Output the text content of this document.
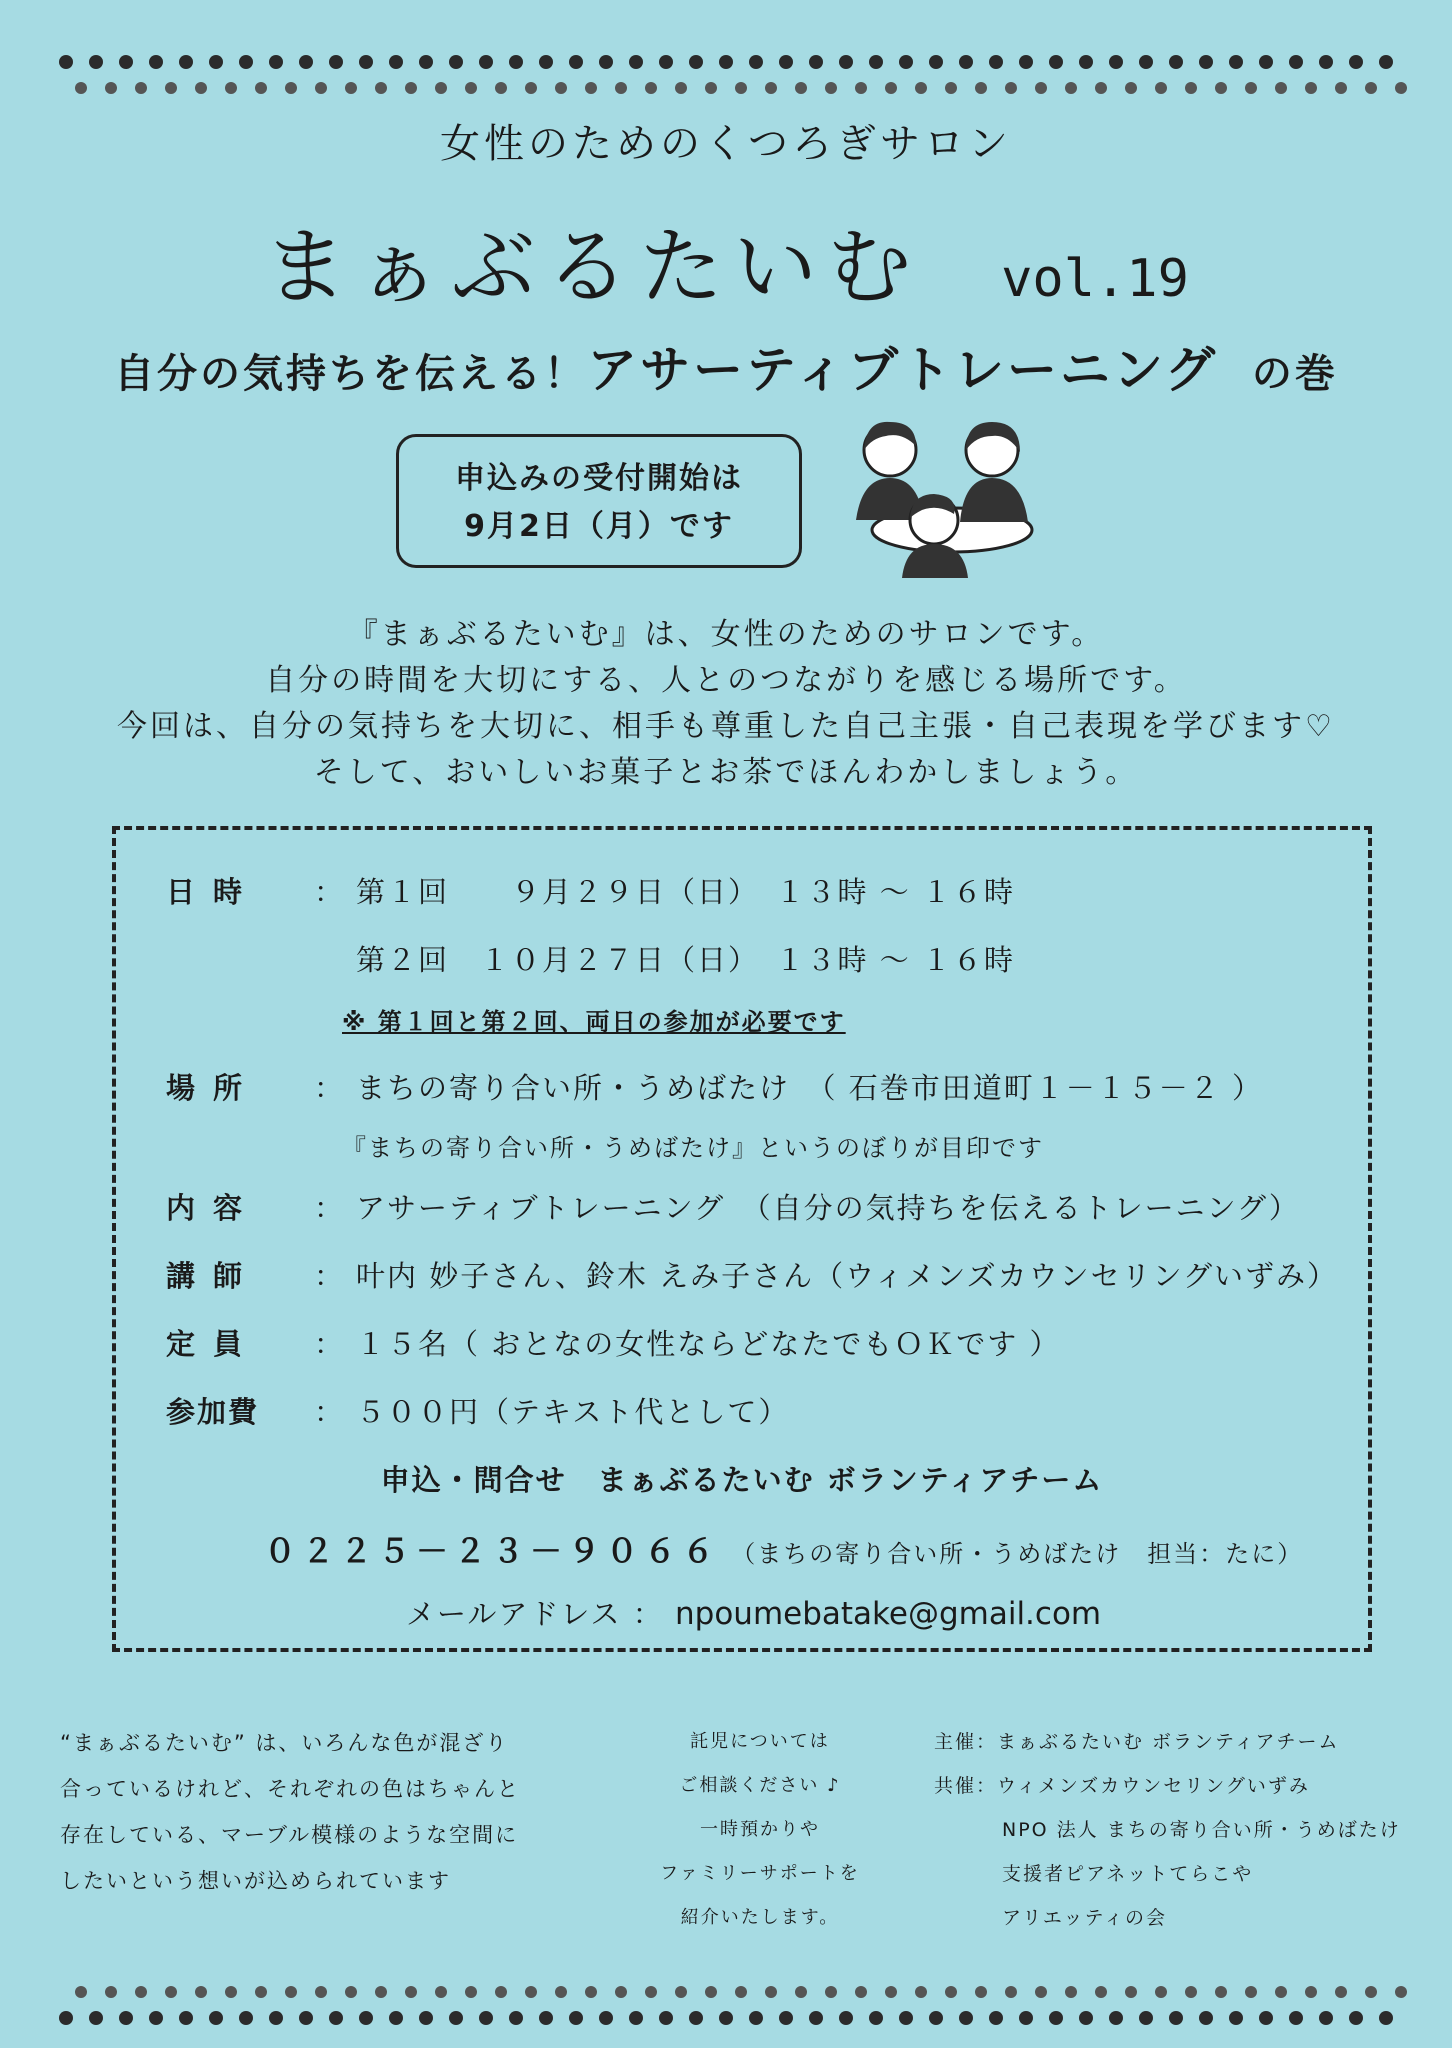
女性のためのくつろぎサロン
まぁぶるたいむ vol.19
自分の気持ちを伝える！アサーティブトレーニング の巻
申込みの受付開始は
9月2日（月）です
『まぁぶるたいむ』は、女性のためのサロンです。
自分の時間を大切にする、人とのつながりを感じる場所です。
今回は、自分の気持ちを大切に、相手も尊重した自己主張・自己表現を学びます♡
そして、おいしいお菓子とお茶でほんわかしましょう。
日時 ： 第１回　　９月２９日（日）　１３時 ～ １６時
第２回　１０月２７日（日）　１３時 ～ １６時
※ 第１回と第２回、両日の参加が必要です
場所 ： まちの寄り合い所・うめばたけ　（ 石巻市田道町１－１５－２ ）
『まちの寄り合い所・うめばたけ』というのぼりが目印です
内容 ： アサーティブトレーニング　（自分の気持ちを伝えるトレーニング）
講師 ： 叶内 妙子さん、鈴木 えみ子さん（ウィメンズカウンセリングいずみ）
定員 ： １５名（ おとなの女性ならどなたでもＯＫです ）
参加費 ： ５００円（テキスト代として）
申込・問合せ　まぁぶるたいむ ボランティアチーム
０２２５－２３－９０６６ （まちの寄り合い所・うめばたけ　担当：たに）
メールアドレス ： npoumebatake@gmail.com
“まぁぶるたいむ” は、いろんな色が混ざり
合っているけれど、それぞれの色はちゃんと
存在している、マーブル模様のような空間に
したいという想いが込められています
託児については
ご相談ください ♪
一時預かりや
ファミリーサポートを
紹介いたします。
主催：まぁぶるたいむ ボランティアチーム
共催：ウィメンズカウンセリングいずみ
NPO 法人 まちの寄り合い所・うめばたけ
支援者ピアネットてらこや
アリエッティの会
